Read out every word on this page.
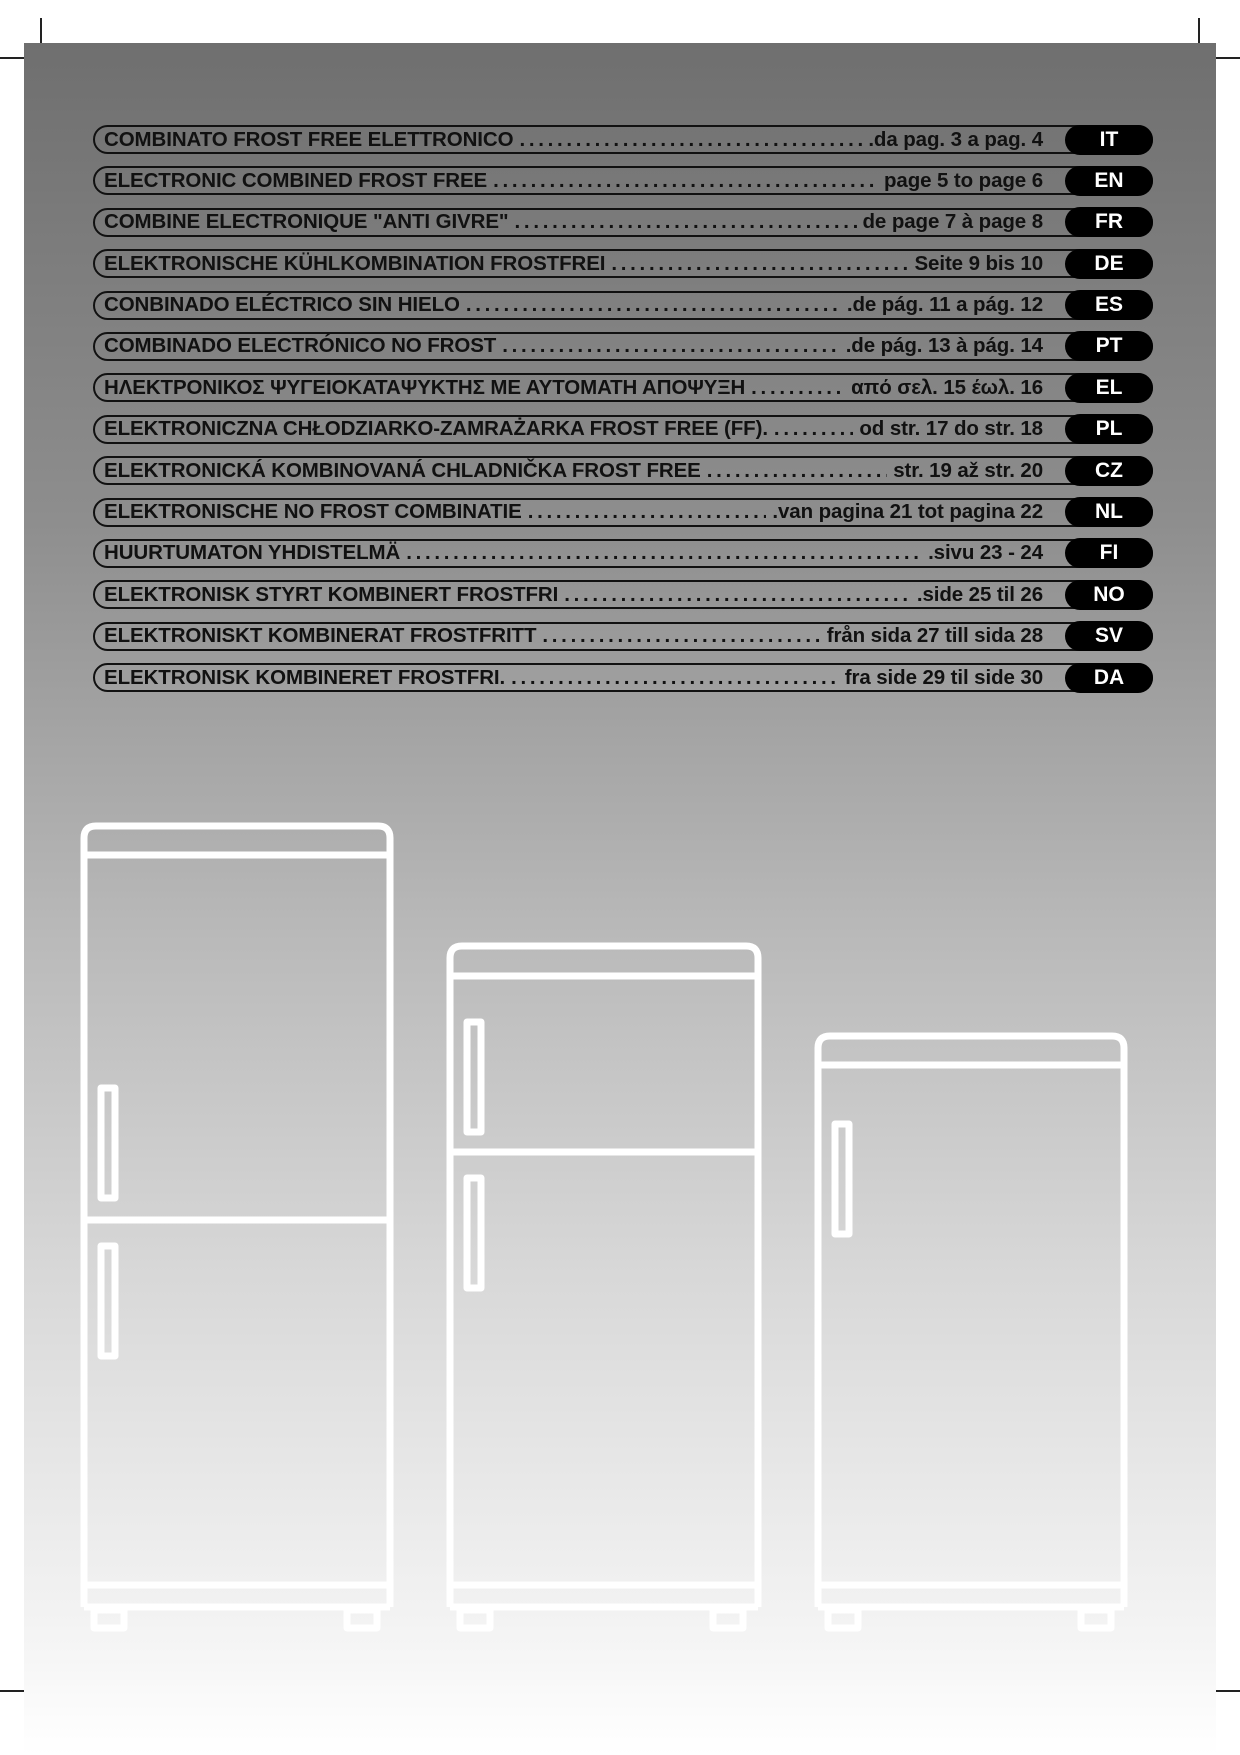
COMBINATO FROST FREE ELETTRONICO . . .	.da pag. 3 a pag. 4	IT
ELECTRONIC COMBINED FROST FREE . . .	page 5 to page 6	EN
COMBINE ELECTRONIQUE "ANTI GIVRE" . . .	de page 7 à page 8	FR
ELEKTRONISCHE KÜHLKOMBINATION FROSTFREI . . .	Seite 9 bis 10	DE
CONBINADO ELÉCTRICO SIN HIELO . . .	.de pág. 11 a pág. 12	ES
COMBINADO ELECTRÓNICO NO FROST . . .	.de pág. 13 à pág. 14	PT
ΗΛΕΚΤΡΟΝΙΚΟΣ ΨΥΓΕΙΟΚΑΤΑΨΥΚΤΗΣ ΜΕ ΑΥΤΟΜΑΤΗ ΑΠΟΨΥΞΗ . . .	από σελ. 15 έωλ. 16	EL
ELEKTRONICZNA CHŁODZIARKO-ZAMRAŻARKA FROST FREE (FF). . . .	od str. 17 do str. 18	PL
ELEKTRONICKÁ KOMBINOVANÁ CHLADNIČKA FROST FREE . . .	str. 19 až str. 20	CZ
ELEKTRONISCHE NO FROST COMBINATIE . . .	.van pagina 21 tot pagina 22	NL
HUURTUMATON YHDISTELMÄ . . .	.sivu 23 - 24	FI
ELEKTRONISK STYRT KOMBINERT FROSTFRI . . .	.side 25 til 26	NO
ELEKTRONISKT KOMBINERAT FROSTFRITT . . .	från sida 27 till sida 28	SV
ELEKTRONISK KOMBINERET FROSTFRI. . . .	fra side 29 til side 30	DA
